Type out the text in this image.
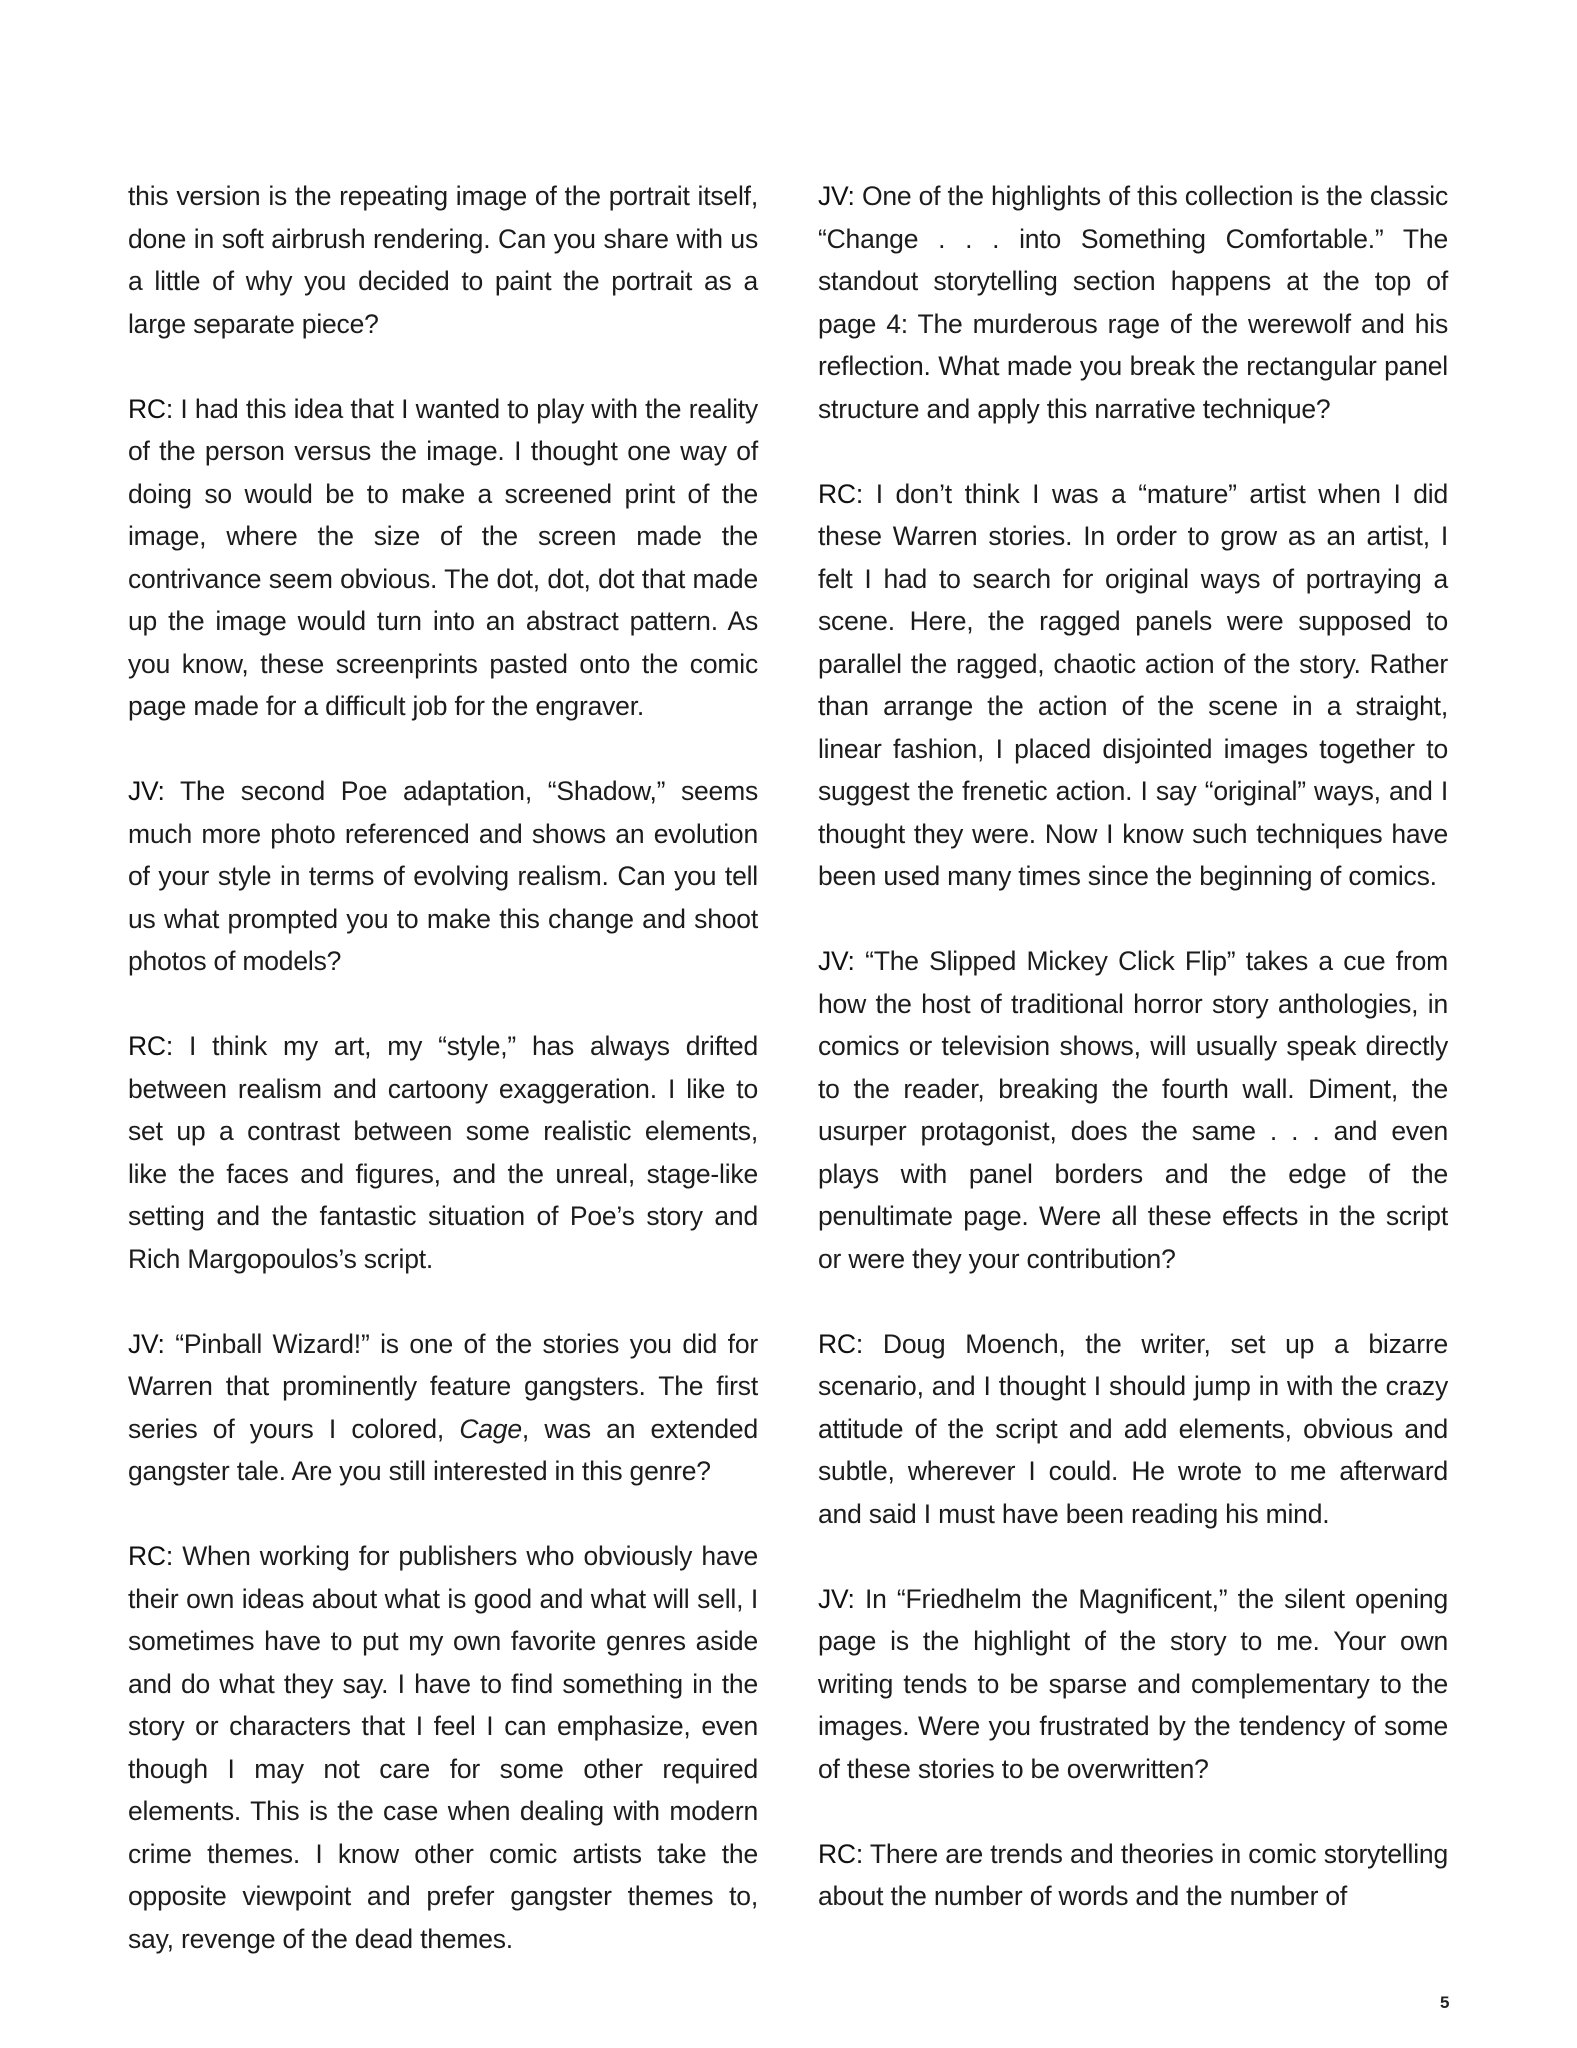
this version is the repeating image of the portrait itself, done in soft airbrush rendering. Can you share with us a little of why you decided to paint the portrait as a large separate piece?

RC: I had this idea that I wanted to play with the reality of the person versus the image. I thought one way of doing so would be to make a screened print of the image, where the size of the screen made the contrivance seem obvious. The dot, dot, dot that made up the image would turn into an abstract pattern. As you know, these screenprints pasted onto the comic page made for a difficult job for the engraver.

JV: The second Poe adaptation, “Shadow,” seems much more photo referenced and shows an evolution of your style in terms of evolving realism. Can you tell us what prompted you to make this change and shoot photos of models?

RC: I think my art, my “style,” has always drifted between realism and cartoony exaggeration. I like to set up a contrast between some realistic elements, like the faces and figures, and the unreal, stage-like setting and the fantastic situation of Poe’s story and Rich Margopoulos’s script.

JV: “Pinball Wizard!” is one of the stories you did for Warren that prominently feature gangsters. The first series of yours I colored, Cage, was an extended gangster tale. Are you still interested in this genre?

RC: When working for publishers who obviously have their own ideas about what is good and what will sell, I sometimes have to put my own favorite genres aside and do what they say. I have to find something in the story or characters that I feel I can emphasize, even though I may not care for some other required elements. This is the case when dealing with modern crime themes. I know other comic artists take the opposite viewpoint and prefer gangster themes to, say, revenge of the dead themes.

JV: One of the highlights of this collection is the classic “Change . . . into Something Comfortable.” The standout storytelling section happens at the top of page 4: The murderous rage of the werewolf and his reflection. What made you break the rectangular panel structure and apply this narrative technique?

RC: I don’t think I was a “mature” artist when I did these Warren stories. In order to grow as an artist, I felt I had to search for original ways of portraying a scene. Here, the ragged panels were supposed to parallel the ragged, chaotic action of the story. Rather than arrange the action of the scene in a straight, linear fashion, I placed disjointed images together to suggest the frenetic action. I say “original” ways, and I thought they were. Now I know such techniques have been used many times since the beginning of comics.

JV: “The Slipped Mickey Click Flip” takes a cue from how the host of traditional horror story anthologies, in comics or television shows, will usually speak directly to the reader, breaking the fourth wall. Diment, the usurper protagonist, does the same . . . and even plays with panel borders and the edge of the penultimate page. Were all these effects in the script or were they your contribution?

RC: Doug Moench, the writer, set up a bizarre scenario, and I thought I should jump in with the crazy attitude of the script and add elements, obvious and subtle, wherever I could. He wrote to me afterward and said I must have been reading his mind.

JV: In “Friedhelm the Magnificent,” the silent opening page is the highlight of the story to me. Your own writing tends to be sparse and complementary to the images. Were you frustrated by the tendency of some of these stories to be overwritten?

RC: There are trends and theories in comic storytelling about the number of words and the number of

5
